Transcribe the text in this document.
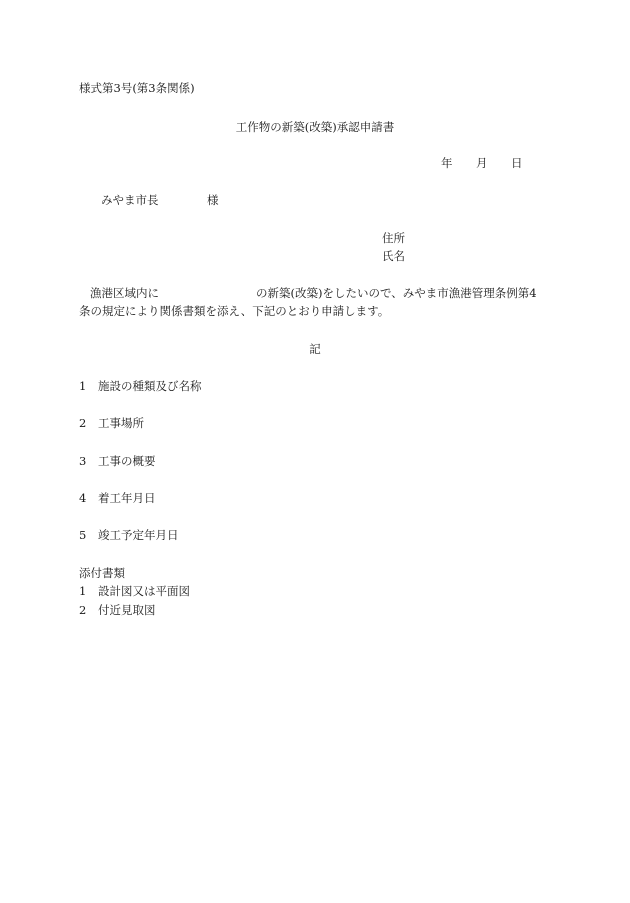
様式第3号(第3条関係)
工作物の新築(改築)承認申請書
年 月 日
みやま市長	様
住所
氏名
漁港区域内に	の新築(改築)をしたいので、みやま市漁港管理条例第4
条の規定により関係書類を添え、下記のとおり申請します。
記
1 施設の種類及び名称
2 工事場所
3 工事の概要
4 着工年月日
5 竣工予定年月日
添付書類
1 設計図又は平面図
2 付近見取図
